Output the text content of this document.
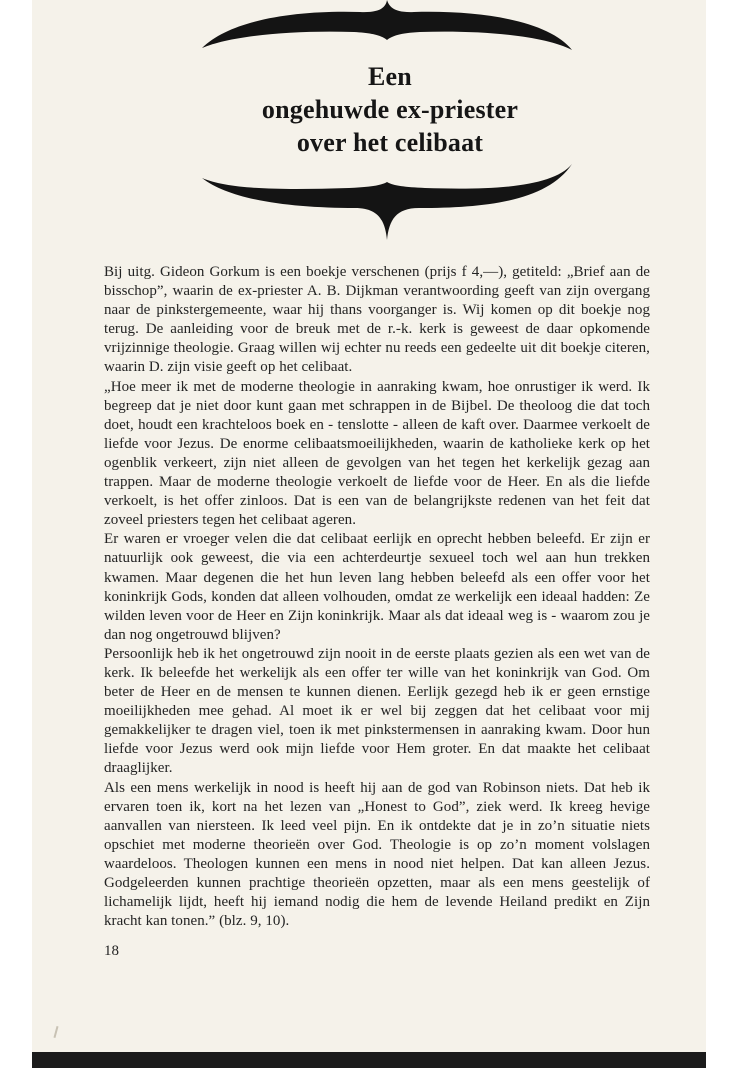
Een
ongehuwde ex-priester
over het celibaat

Bij uitg. Gideon Gorkum is een boekje verschenen (prijs f 4,—), getiteld: „Brief aan de bisschop”, waarin de ex-priester A. B. Dijkman verantwoording geeft van zijn overgang naar de pinkstergemeente, waar hij thans voorganger is. Wij komen op dit boekje nog terug. De aanleiding voor de breuk met de r.-k. kerk is geweest de daar opkomende vrijzinnige theologie. Graag willen wij echter nu reeds een gedeelte uit dit boekje citeren, waarin D. zijn visie geeft op het celibaat.

„Hoe meer ik met de moderne theologie in aanraking kwam, hoe onrustiger ik werd. Ik begreep dat je niet door kunt gaan met schrappen in de Bijbel. De theoloog die dat toch doet, houdt een krachteloos boek en - tenslotte - alleen de kaft over. Daarmee verkoelt de liefde voor Jezus. De enorme celibaatsmoeilijkheden, waarin de katholieke kerk op het ogenblik verkeert, zijn niet alleen de gevolgen van het tegen het kerkelijk gezag aan trappen. Maar de moderne theologie verkoelt de liefde voor de Heer. En als die liefde verkoelt, is het offer zinloos. Dat is een van de belangrijkste redenen van het feit dat zoveel priesters tegen het celibaat ageren.

Er waren er vroeger velen die dat celibaat eerlijk en oprecht hebben beleefd. Er zijn er natuurlijk ook geweest, die via een achterdeurtje sexueel toch wel aan hun trekken kwamen. Maar degenen die het hun leven lang hebben beleefd als een offer voor het koninkrijk Gods, konden dat alleen volhouden, omdat ze werkelijk een ideaal hadden: Ze wilden leven voor de Heer en Zijn koninkrijk. Maar als dat ideaal weg is - waarom zou je dan nog ongetrouwd blijven?

Persoonlijk heb ik het ongetrouwd zijn nooit in de eerste plaats gezien als een wet van de kerk. Ik beleefde het werkelijk als een offer ter wille van het koninkrijk van God. Om beter de Heer en de mensen te kunnen dienen. Eerlijk gezegd heb ik er geen ernstige moeilijkheden mee gehad. Al moet ik er wel bij zeggen dat het celibaat voor mij gemakkelijker te dragen viel, toen ik met pinkstermensen in aanraking kwam. Door hun liefde voor Jezus werd ook mijn liefde voor Hem groter. En dat maakte het celibaat draaglijker.

Als een mens werkelijk in nood is heeft hij aan de god van Robinson niets. Dat heb ik ervaren toen ik, kort na het lezen van „Honest to God”, ziek werd. Ik kreeg hevige aanvallen van niersteen. Ik leed veel pijn. En ik ontdekte dat je in zo’n situatie niets opschiet met moderne theorieën over God. Theologie is op zo’n moment volslagen waardeloos. Theologen kunnen een mens in nood niet helpen. Dat kan alleen Jezus. Godgeleerden kunnen prachtige theorieën opzetten, maar als een mens geestelijk of lichamelijk lijdt, heeft hij iemand nodig die hem de levende Heiland predikt en Zijn kracht kan tonen.” (blz. 9, 10).

18
